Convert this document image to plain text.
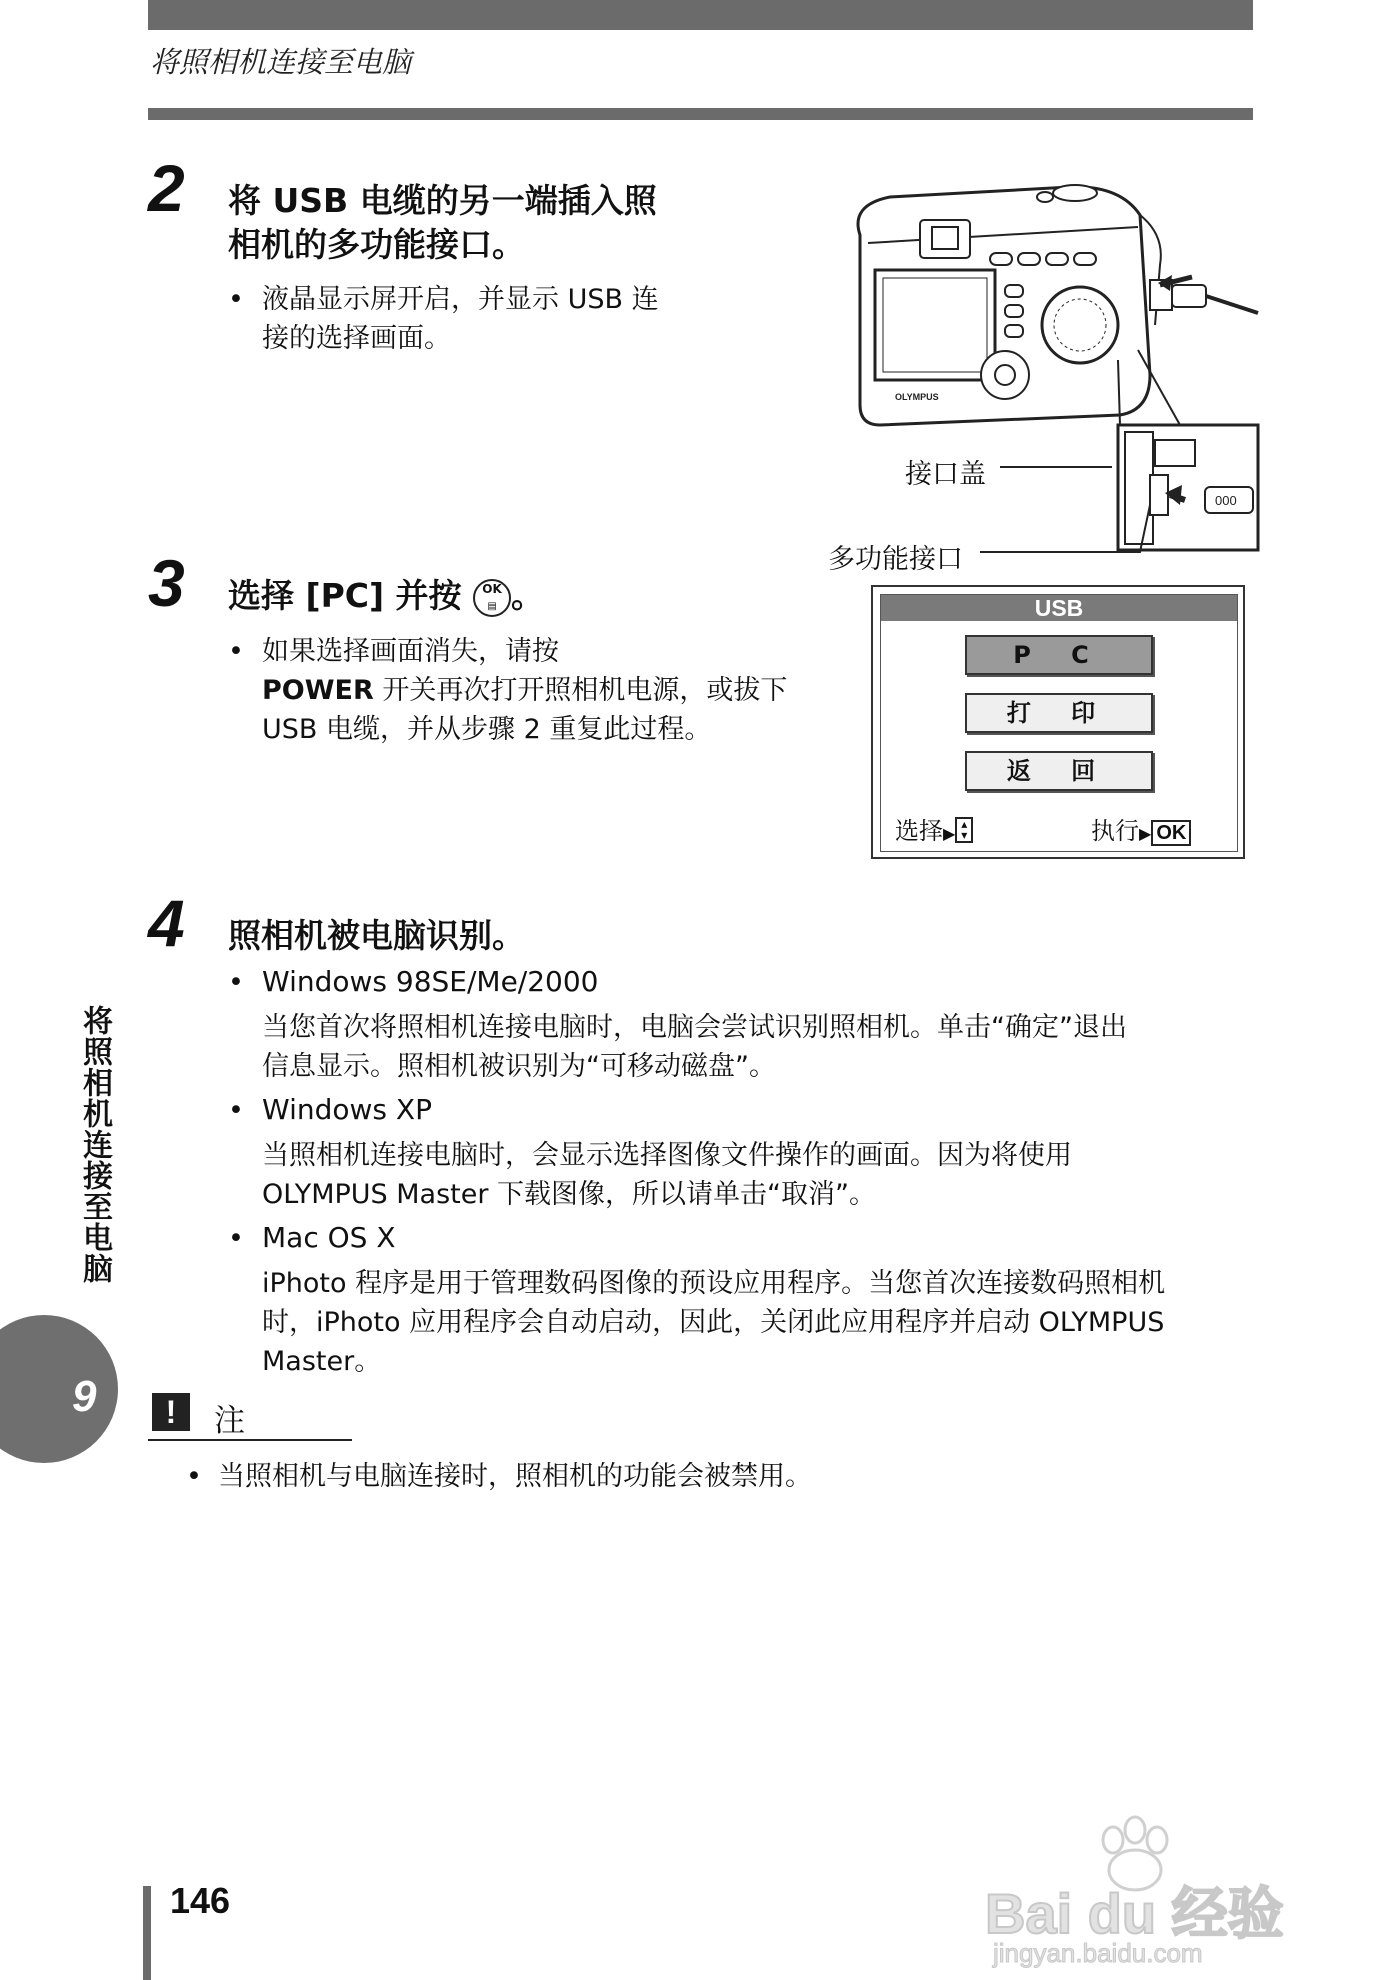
将照相机连接至电脑
2 将 USB 电缆的另一端插入照
相机的多功能接口。
• 液晶显示屏开启，并显示 USB 连
接的选择画面。
OLYMPUS
000
接口盖
多功能接口
3 选择 [PC] 并按 OK
▤ 。
• 如果选择画面消失，请按
POWER 开关再次打开照相机电源，或拔下
USB 电缆，并从步骤 2 重复此过程。
USB
P C
打 印
返 回
选择▶ ▴
▾	执行▶ OK
4 照相机被电脑识别。
• Windows 98SE/Me/2000
当您首次将照相机连接电脑时，电脑会尝试识别照相机。单击“确定”退出
信息显示。照相机被识别为“可移动磁盘”。
• Windows XP
当照相机连接电脑时，会显示选择图像文件操作的画面。因为将使用
OLYMPUS Master 下载图像，所以请单击“取消”。
• Mac OS X
iPhoto 程序是用于管理数码图像的预设应用程序。当您首次连接数码照相机
时，iPhoto 应用程序会自动启动，因此，关闭此应用程序并启动 OLYMPUS
Master。
将照相机连接至电脑
9	!	注
• 当照相机与电脑连接时，照相机的功能会被禁用。
146	Bai du 经验
jingyan.baidu.com
